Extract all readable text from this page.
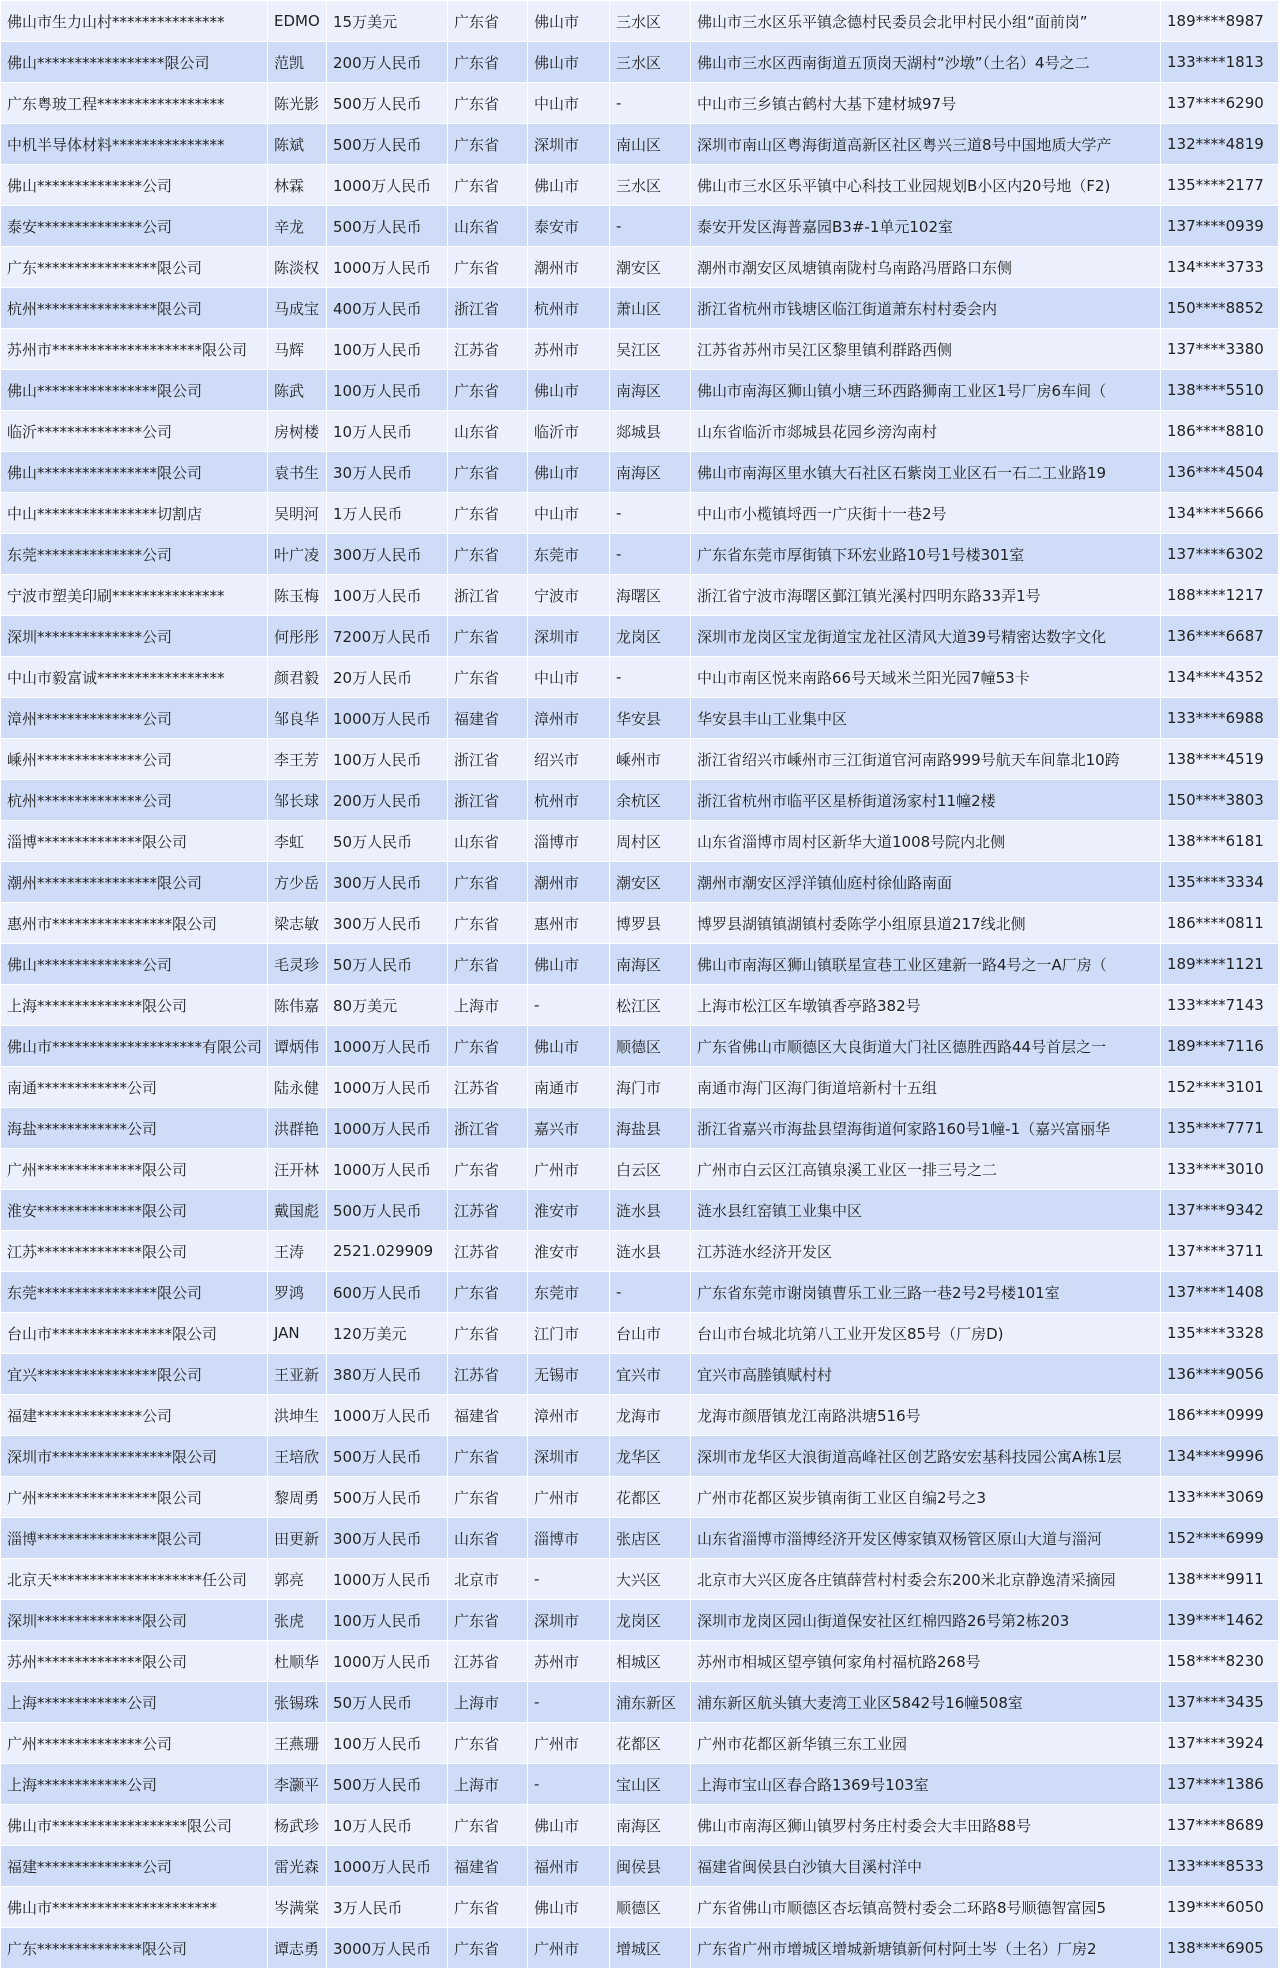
佛山市生力山村***************	EDMO	15万美元	广东省	佛山市	三水区	佛山市三水区乐平镇念德村民委员会北甲村民小组“面前岗”	189****8987
佛山*****************限公司	范凯	200万人民币	广东省	佛山市	三水区	佛山市三水区西南街道五顶岗天湖村“沙墩”（土名）4号之二	133****1813
广东粤玻工程*****************	陈光影	500万人民币	广东省	中山市	-	中山市三乡镇古鹤村大基下建材城97号	137****6290
中机半导体材料***************	陈斌	500万人民币	广东省	深圳市	南山区	深圳市南山区粤海街道高新区社区粤兴三道8号中国地质大学产	132****4819
佛山**************公司	林霖	1000万人民币	广东省	佛山市	三水区	佛山市三水区乐平镇中心科技工业园规划B小区内20号地（F2)	135****2177
泰安**************公司	辛龙	500万人民币	山东省	泰安市	-	泰安开发区海普嘉园B3#-1单元102室	137****0939
广东****************限公司	陈淡权	1000万人民币	广东省	潮州市	潮安区	潮州市潮安区凤塘镇南陇村乌南路冯厝路口东侧	134****3733
杭州****************限公司	马成宝	400万人民币	浙江省	杭州市	萧山区	浙江省杭州市钱塘区临江街道萧东村村委会内	150****8852
苏州市********************限公司	马辉	100万人民币	江苏省	苏州市	吴江区	江苏省苏州市吴江区黎里镇利群路西侧	137****3380
佛山****************限公司	陈武	100万人民币	广东省	佛山市	南海区	佛山市南海区狮山镇小塘三环西路狮南工业区1号厂房6车间（	138****5510
临沂**************公司	房树楼	10万人民币	山东省	临沂市	郯城县	山东省临沂市郯城县花园乡滂沟南村	186****8810
佛山****************限公司	袁书生	30万人民币	广东省	佛山市	南海区	佛山市南海区里水镇大石社区石紫岗工业区石一石二工业路19	136****4504
中山****************切割店	吴明河	1万人民币	广东省	中山市	-	中山市小榄镇埒西一广庆街十一巷2号	134****5666
东莞**************公司	叶广凌	300万人民币	广东省	东莞市	-	广东省东莞市厚街镇下环宏业路10号1号楼301室	137****6302
宁波市塑美印刷***************	陈玉梅	100万人民币	浙江省	宁波市	海曙区	浙江省宁波市海曙区鄞江镇光溪村四明东路33弄1号	188****1217
深圳**************公司	何彤彤	7200万人民币	广东省	深圳市	龙岗区	深圳市龙岗区宝龙街道宝龙社区清风大道39号精密达数字文化	136****6687
中山市毅富诚*****************	颜君毅	20万人民币	广东省	中山市	-	中山市南区悦来南路66号天域米兰阳光园7幢53卡	134****4352
漳州**************公司	邹良华	1000万人民币	福建省	漳州市	华安县	华安县丰山工业集中区	133****6988
嵊州**************公司	李王芳	100万人民币	浙江省	绍兴市	嵊州市	浙江省绍兴市嵊州市三江街道官河南路999号航天车间靠北10跨	138****4519
杭州**************公司	邹长球	200万人民币	浙江省	杭州市	余杭区	浙江省杭州市临平区星桥街道汤家村11幢2楼	150****3803
淄博**************限公司	李虹	50万人民币	山东省	淄博市	周村区	山东省淄博市周村区新华大道1008号院内北侧	138****6181
潮州****************限公司	方少岳	300万人民币	广东省	潮州市	潮安区	潮州市潮安区浮洋镇仙庭村徐仙路南面	135****3334
惠州市****************限公司	梁志敏	300万人民币	广东省	惠州市	博罗县	博罗县湖镇镇湖镇村委陈学小组原县道217线北侧	186****0811
佛山**************公司	毛灵珍	50万人民币	广东省	佛山市	南海区	佛山市南海区狮山镇联星宣巷工业区建新一路4号之一A厂房（	189****1121
上海**************限公司	陈伟嘉	80万美元	上海市	-	松江区	上海市松江区车墩镇香亭路382号	133****7143
佛山市********************有限公司	谭炳伟	1000万人民币	广东省	佛山市	顺德区	广东省佛山市顺德区大良街道大门社区德胜西路44号首层之一	189****7116
南通************公司	陆永健	1000万人民币	江苏省	南通市	海门市	南通市海门区海门街道培新村十五组	152****3101
海盐************公司	洪群艳	1000万人民币	浙江省	嘉兴市	海盐县	浙江省嘉兴市海盐县望海街道何家路160号1幢-1（嘉兴富丽华	135****7771
广州**************限公司	汪开林	1000万人民币	广东省	广州市	白云区	广州市白云区江高镇泉溪工业区一排三号之二	133****3010
淮安**************限公司	戴国彪	500万人民币	江苏省	淮安市	涟水县	涟水县红窑镇工业集中区	137****9342
江苏**************限公司	王涛	2521.029909	江苏省	淮安市	涟水县	江苏涟水经济开发区	137****3711
东莞****************限公司	罗鸿	600万人民币	广东省	东莞市	-	广东省东莞市谢岗镇曹乐工业三路一巷2号2号楼101室	137****1408
台山市****************限公司	JAN	120万美元	广东省	江门市	台山市	台山市台城北坑第八工业开发区85号（厂房D)	135****3328
宜兴****************限公司	王亚新	380万人民币	江苏省	无锡市	宜兴市	宜兴市高塍镇赋村村	136****9056
福建**************公司	洪坤生	1000万人民币	福建省	漳州市	龙海市	龙海市颜厝镇龙江南路洪塘516号	186****0999
深圳市****************限公司	王培欣	500万人民币	广东省	深圳市	龙华区	深圳市龙华区大浪街道高峰社区创艺路安宏基科技园公寓A栋1层	134****9996
广州****************限公司	黎周勇	500万人民币	广东省	广州市	花都区	广州市花都区炭步镇南街工业区自编2号之3	133****3069
淄博****************限公司	田更新	300万人民币	山东省	淄博市	张店区	山东省淄博市淄博经济开发区傅家镇双杨管区原山大道与淄河	152****6999
北京天********************任公司	郭亮	1000万人民币	北京市	-	大兴区	北京市大兴区庞各庄镇薛营村村委会东200米北京静逸清采摘园	138****9911
深圳**************限公司	张虎	100万人民币	广东省	深圳市	龙岗区	深圳市龙岗区园山街道保安社区红棉四路26号第2栋203	139****1462
苏州**************限公司	杜顺华	1000万人民币	江苏省	苏州市	相城区	苏州市相城区望亭镇何家角村福杭路268号	158****8230
上海************公司	张锡珠	50万人民币	上海市	-	浦东新区	浦东新区航头镇大麦湾工业区5842号16幢508室	137****3435
广州**************公司	王燕珊	100万人民币	广东省	广州市	花都区	广州市花都区新华镇三东工业园	137****3924
上海************公司	李灏平	500万人民币	上海市	-	宝山区	上海市宝山区春合路1369号103室	137****1386
佛山市******************限公司	杨武珍	10万人民币	广东省	佛山市	南海区	佛山市南海区狮山镇罗村务庄村委会大丰田路88号	137****8689
福建**************公司	雷光森	1000万人民币	福建省	福州市	闽侯县	福建省闽侯县白沙镇大目溪村洋中	133****8533
佛山市**********************	岑满棠	3万人民币	广东省	佛山市	顺德区	广东省佛山市顺德区杏坛镇高赞村委会二环路8号顺德智富园5	139****6050
广东**************限公司	谭志勇	3000万人民币	广东省	广州市	增城区	广东省广州市增城区增城新塘镇新何村阿土岑（土名）厂房2	138****6905
